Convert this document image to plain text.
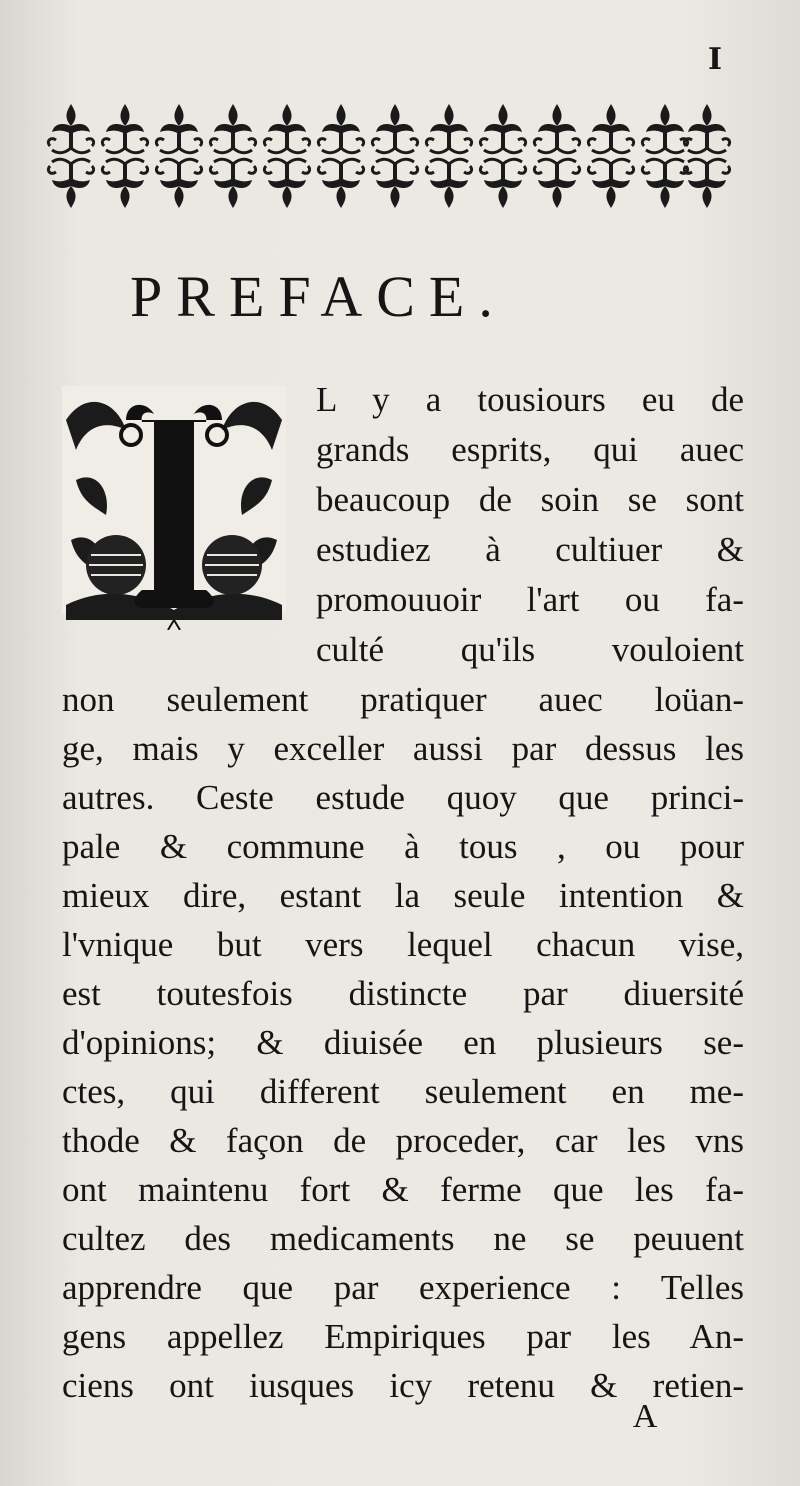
I
PREFACE.
L y a tousiours eu de
grands esprits, qui auec
beaucoup de soin se sont
estudiez à cultiuer &
promouuoir l'art ou fa-
culté qu'ils vouloient
non seulement pratiquer auec loüan-
ge, mais y exceller aussi par dessus les
autres. Ceste estude quoy que princi-
pale & commune à tous , ou pour
mieux dire, estant la seule intention &
l'vnique but vers lequel chacun vise,
est toutesfois distincte par diuersité
d'opinions; & diuisée en plusieurs se-
ctes, qui different seulement en me-
thode & façon de proceder, car les vns
ont maintenu fort & ferme que les fa-
cultez des medicaments ne se peuuent
apprendre que par experience : Telles
gens appellez Empiriques par les An-
ciens ont iusques icy retenu & retien-
A
